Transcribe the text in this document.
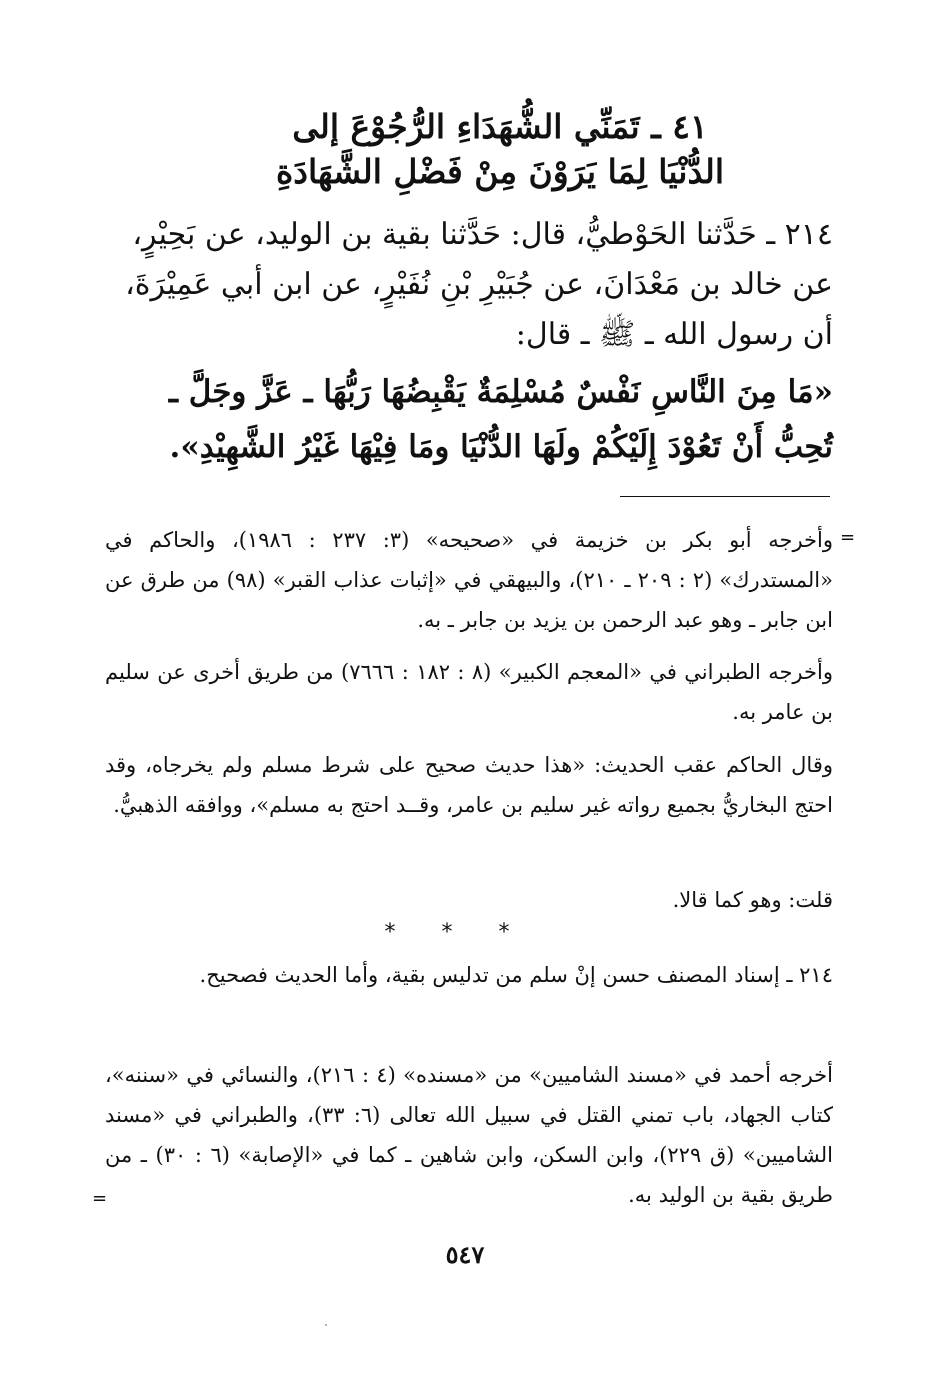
٤١ ـ تَمَنِّي الشُّهَدَاءِ الرُّجُوْعَ إلى
الدُّنْيَا لِمَا يَرَوْنَ مِنْ فَضْلِ الشَّهَادَةِ
٢١٤ ـ حَدَّثنا الحَوْطيُّ، قال: حَدَّثنا بقية بن الوليد، عن بَحِيْرٍ، عن خالد بن مَعْدَانَ، عن جُبَيْرِ بْنِ نُفَيْرٍ، عن ابن أبي عَمِيْرَةَ، أن رسول الله ـ ﷺ ـ قال:
«مَا مِنَ النَّاسِ نَفْسٌ مُسْلِمَةٌ يَقْبِضُهَا رَبُّهَا ـ عَزَّ وجَلَّ ـ تُحِبُّ أَنْ تَعُوْدَ إِلَيْكُمْ ولَهَا الدُّنْيَا ومَا فِيْهَا غَيْرُ الشَّهِيْدِ».
=
وأخرجه أبو بكر بن خزيمة في «صحيحه» (٣: ٢٣٧ : ١٩٨٦)، والحاكم في «المستدرك» (٢ : ٢٠٩ ـ ٢١٠)، والبيهقي في «إثبات عذاب القبر» (٩٨) من طرق عن ابن جابر ـ وهو عبد الرحمن بن يزيد بن جابر ـ به.
وأخرجه الطبراني في «المعجم الكبير» (٨ : ١٨٢ : ٧٦٦٦) من طريق أخرى عن سليم بن عامر به.
وقال الحاكم عقب الحديث: «هذا حديث صحيح على شرط مسلم ولم يخرجاه، وقد احتج البخاريُّ بجميع رواته غير سليم بن عامر، وقــد احتج به مسلم»، ووافقه الذهبيُّ.
قلت: وهو كما قالا.
***
٢١٤ ـ إسناد المصنف حسن إنْ سلم من تدليس بقية، وأما الحديث فصحيح.
أخرجه أحمد في «مسند الشاميين» من «مسنده» (٤ : ٢١٦)، والنسائي في «سننه»، كتاب الجهاد، باب تمني القتل في سبيل الله تعالى (٦: ٣٣)، والطبراني في «مسند الشاميين» (ق ٢٢٩)، وابن السكن، وابن شاهين ـ كما في «الإصابة» (٦ : ٣٠) ـ من طريق بقية بن الوليد به.
=
٥٤٧
